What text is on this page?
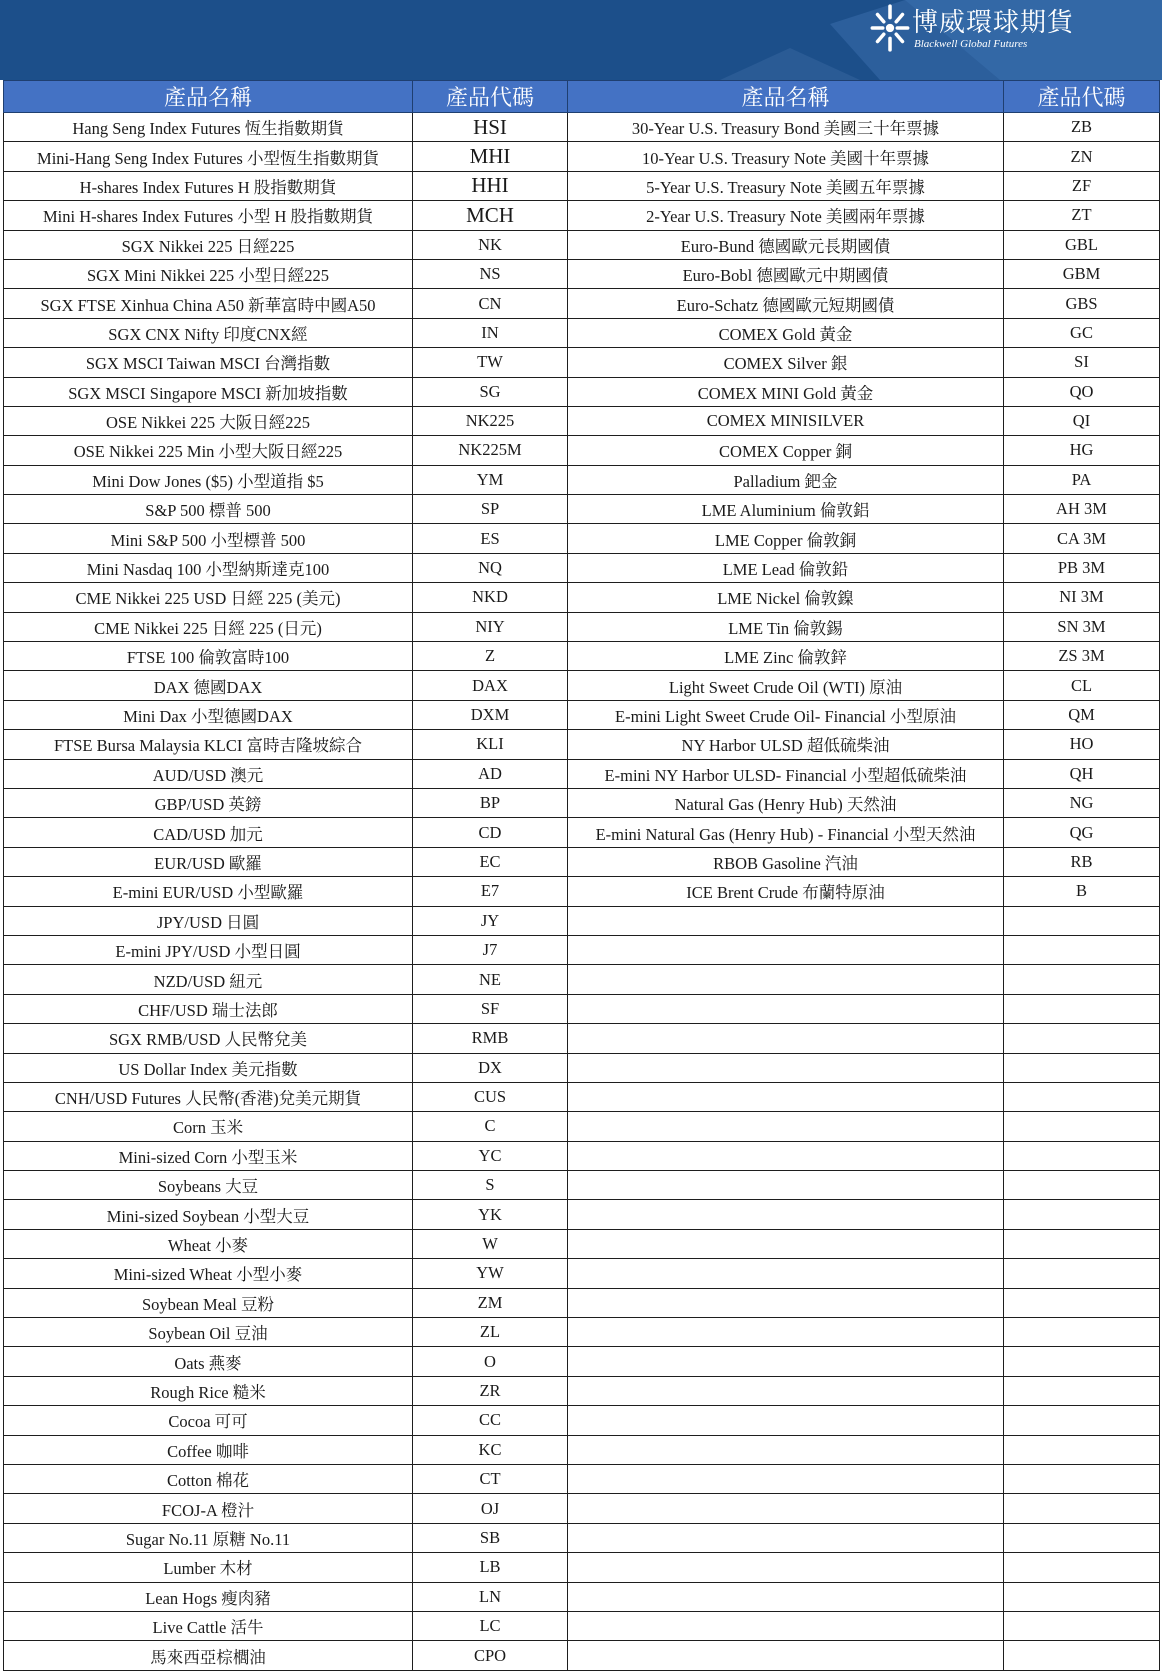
博威環球期貨
Blackwell Global Futures
產品名稱	產品代碼	產品名稱	產品代碼
Hang Seng Index Futures 恆生指數期貨	HSI	30-Year U.S. Treasury Bond 美國三十年票據	ZB
Mini-Hang Seng Index Futures 小型恆生指數期貨	MHI	10-Year U.S. Treasury Note 美國十年票據	ZN
H-shares Index Futures H 股指數期貨	HHI	5-Year U.S. Treasury Note 美國五年票據	ZF
Mini H-shares Index Futures 小型 H 股指數期貨	MCH	2-Year U.S. Treasury Note 美國兩年票據	ZT
SGX Nikkei 225 日經225	NK	Euro-Bund 德國歐元長期國債	GBL
SGX Mini Nikkei 225 小型日經225	NS	Euro-Bobl 德國歐元中期國債	GBM
SGX FTSE Xinhua China A50 新華富時中國A50	CN	Euro-Schatz 德國歐元短期國債	GBS
SGX CNX Nifty 印度CNX經	IN	COMEX Gold 黃金	GC
SGX MSCI Taiwan MSCI 台灣指數	TW	COMEX Silver 銀	SI
SGX MSCI Singapore MSCI 新加坡指數	SG	COMEX MINI Gold 黃金	QO
OSE Nikkei 225 大阪日經225	NK225	COMEX MINISILVER	QI
OSE Nikkei 225 Min 小型大阪日經225	NK225M	COMEX Copper 銅	HG
Mini Dow Jones ($5) 小型道指 $5	YM	Palladium 鈀金	PA
S&P 500 標普 500	SP	LME Aluminium 倫敦鋁	AH 3M
Mini S&P 500 小型標普 500	ES	LME Copper 倫敦銅	CA 3M
Mini Nasdaq 100 小型納斯達克100	NQ	LME Lead 倫敦鉛	PB 3M
CME Nikkei 225 USD 日經 225 (美元)	NKD	LME Nickel 倫敦鎳	NI 3M
CME Nikkei 225 日經 225 (日元)	NIY	LME Tin 倫敦錫	SN 3M
FTSE 100 倫敦富時100	Z	LME Zinc 倫敦鋅	ZS 3M
DAX 德國DAX	DAX	Light Sweet Crude Oil (WTI) 原油	CL
Mini Dax 小型德國DAX	DXM	E-mini Light Sweet Crude Oil- Financial 小型原油	QM
FTSE Bursa Malaysia KLCI 富時吉隆坡綜合	KLI	NY Harbor ULSD 超低硫柴油	HO
AUD/USD 澳元	AD	E-mini NY Harbor ULSD- Financial 小型超低硫柴油	QH
GBP/USD 英鎊	BP	Natural Gas (Henry Hub) 天然油	NG
CAD/USD 加元	CD	E-mini Natural Gas (Henry Hub) - Financial 小型天然油	QG
EUR/USD 歐羅	EC	RBOB Gasoline 汽油	RB
E-mini EUR/USD 小型歐羅	E7	ICE Brent Crude 布蘭特原油	B
JPY/USD 日圓	JY		
E-mini JPY/USD 小型日圓	J7		
NZD/USD 紐元	NE		
CHF/USD 瑞士法郎	SF		
SGX RMB/USD 人民幣兌美	RMB		
US Dollar Index 美元指數	DX		
CNH/USD Futures 人民幣(香港)兌美元期貨	CUS		
Corn 玉米	C		
Mini-sized Corn 小型玉米	YC		
Soybeans 大豆	S		
Mini-sized Soybean 小型大豆	YK		
Wheat 小麥	W		
Mini-sized Wheat 小型小麥	YW		
Soybean Meal 豆粉	ZM		
Soybean Oil 豆油	ZL		
Oats 燕麥	O		
Rough Rice 糙米	ZR		
Cocoa 可可	CC		
Coffee 咖啡	KC		
Cotton 棉花	CT		
FCOJ-A 橙汁	OJ		
Sugar No.11 原糖 No.11	SB		
Lumber 木材	LB		
Lean Hogs 瘦肉豬	LN		
Live Cattle 活牛	LC		
馬來西亞棕櫚油	CPO		
